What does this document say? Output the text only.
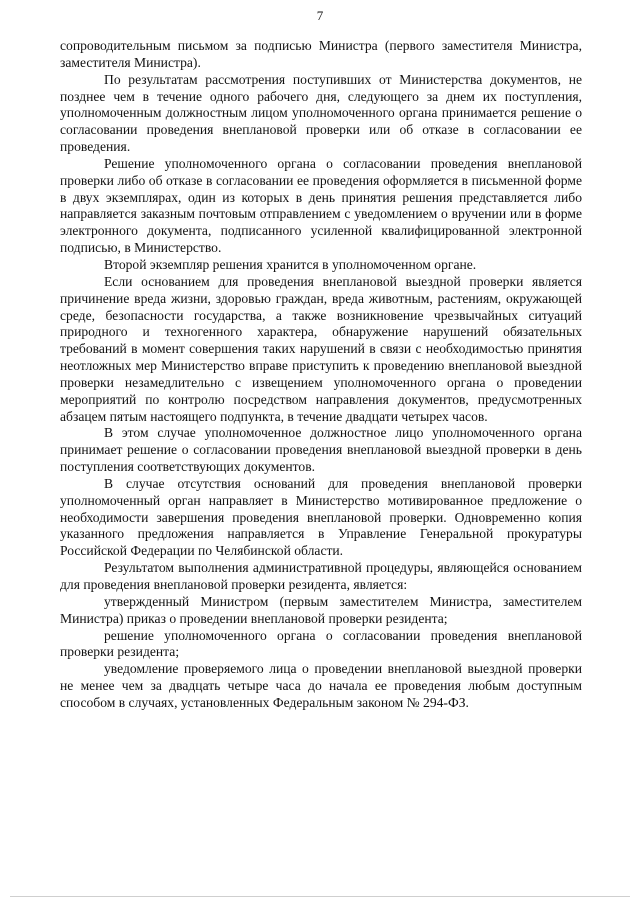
7

сопроводительным письмом за подписью Министра (первого заместителя Министра, заместителя Министра).

По результатам рассмотрения поступивших от Министерства документов, не позднее чем в течение одного рабочего дня, следующего за днем их поступления, уполномоченным должностным лицом уполномоченного органа принимается решение о согласовании проведения внеплановой проверки или об отказе в согласовании ее проведения.

Решение уполномоченного органа о согласовании проведения внеплановой проверки либо об отказе в согласовании ее проведения оформляется в письменной форме в двух экземплярах, один из которых в день принятия решения представляется либо направляется заказным почтовым отправлением с уведомлением о вручении или в форме электронного документа, подписанного усиленной квалифицированной электронной подписью, в Министерство.

Второй экземпляр решения хранится в уполномоченном органе.

Если основанием для проведения внеплановой выездной проверки является причинение вреда жизни, здоровью граждан, вреда животным, растениям, окружающей среде, безопасности государства, а также возникновение чрезвычайных ситуаций природного и техногенного характера, обнаружение нарушений обязательных требований в момент совершения таких нарушений в связи с необходимостью принятия неотложных мер Министерство вправе приступить к проведению внеплановой выездной проверки незамедлительно с извещением уполномоченного органа о проведении мероприятий по контролю посредством направления документов, предусмотренных абзацем пятым настоящего подпункта, в течение двадцати четырех часов.

В этом случае уполномоченное должностное лицо уполномоченного органа принимает решение о согласовании проведения внеплановой выездной проверки в день поступления соответствующих документов.

В случае отсутствия оснований для проведения внеплановой проверки уполномоченный орган направляет в Министерство мотивированное предложение о необходимости завершения проведения внеплановой проверки. Одновременно копия указанного предложения направляется в Управление Генеральной прокуратуры Российской Федерации по Челябинской области.

Результатом выполнения административной процедуры, являющейся основанием для проведения внеплановой проверки резидента, является:

утвержденный Министром (первым заместителем Министра, заместителем Министра) приказ о проведении внеплановой проверки резидента;

решение уполномоченного органа о согласовании проведения внеплановой проверки резидента;

уведомление проверяемого лица о проведении внеплановой выездной проверки не менее чем за двадцать четыре часа до начала ее проведения любым доступным способом в случаях, установленных Федеральным законом № 294-ФЗ.
